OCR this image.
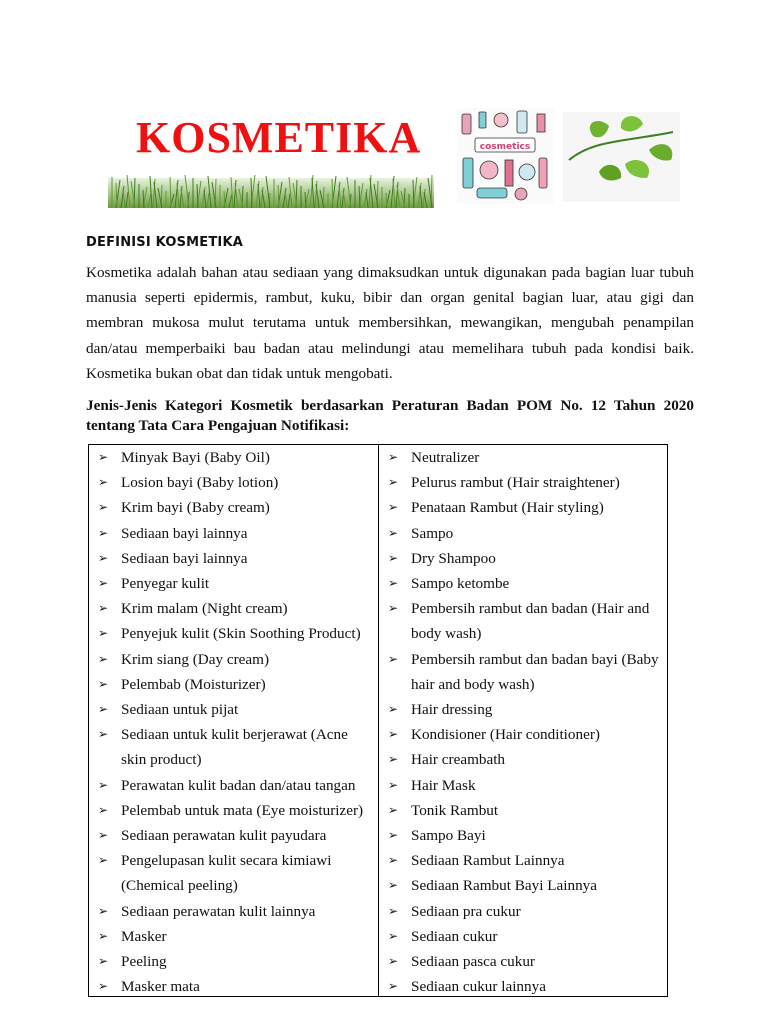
KOSMETIKA	cosmetics
DEFINISI KOSMETIKA
Kosmetika adalah bahan atau sediaan yang dimaksudkan untuk digunakan pada bagian luar tubuh manusia seperti epidermis, rambut, kuku, bibir dan organ genital bagian luar, atau gigi dan membran mukosa mulut terutama untuk membersihkan, mewangikan, mengubah penampilan dan/atau memperbaiki bau badan atau melindungi atau memelihara tubuh pada kondisi baik. Kosmetika bukan obat dan tidak untuk mengobati.
Jenis-Jenis Kategori Kosmetik berdasarkan Peraturan Badan POM No. 12 Tahun 2020 tentang Tata Cara Pengajuan Notifikasi:
➢ Minyak Bayi (Baby Oil)
➢ Losion bayi (Baby lotion)
➢ Krim bayi (Baby cream)
➢ Sediaan bayi lainnya
➢ Sediaan bayi lainnya
➢ Penyegar kulit
➢ Krim malam (Night cream)
➢ Penyejuk kulit (Skin Soothing Product)
➢ Krim siang (Day cream)
➢ Pelembab (Moisturizer)
➢ Sediaan untuk pijat
➢ Sediaan untuk kulit berjerawat (Acne skin product)
➢ Perawatan kulit badan dan/atau tangan
➢ Pelembab untuk mata (Eye moisturizer)
➢ Sediaan perawatan kulit payudara
➢ Pengelupasan kulit secara kimiawi (Chemical peeling)
➢ Sediaan perawatan kulit lainnya
➢ Masker
➢ Peeling
➢ Masker mata
➢ Neutralizer
➢ Pelurus rambut (Hair straightener)
➢ Penataan Rambut (Hair styling)
➢ Sampo
➢ Dry Shampoo
➢ Sampo ketombe
➢ Pembersih rambut dan badan (Hair and body wash)
➢ Pembersih rambut dan badan bayi (Baby hair and body wash)
➢ Hair dressing
➢ Kondisioner (Hair conditioner)
➢ Hair creambath
➢ Hair Mask
➢ Tonik Rambut
➢ Sampo Bayi
➢ Sediaan Rambut Lainnya
➢ Sediaan Rambut Bayi Lainnya
➢ Sediaan pra cukur
➢ Sediaan cukur
➢ Sediaan pasca cukur
➢ Sediaan cukur lainnya
